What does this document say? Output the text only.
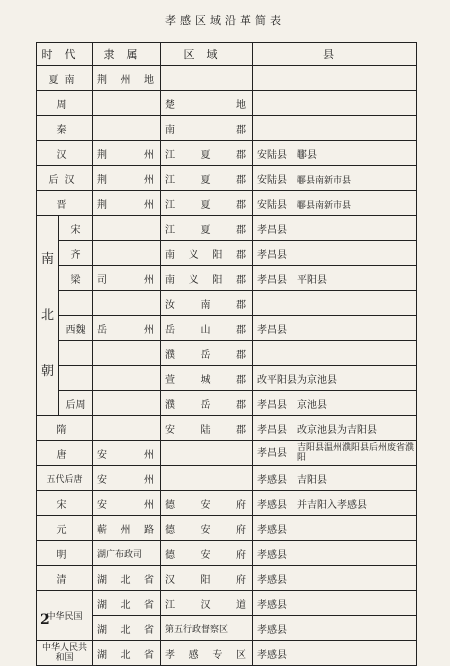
孝感区域沿革简表
时代		隶属	区域	县
夏南		荆州地		
周			楚地	
秦			南郡	
汉		荆州	江夏郡	安陆县 鄳县
后汉		荆州	江夏郡	安陆县 鄳县南新市县
晋		荆州	江夏郡	安陆县 鄳县南新市县
南
北
朝	宋		江夏郡	孝昌县
	齐		南义阳郡	孝昌县
	梁	司州	南义阳郡	孝昌县 平阳县
			汝南郡	
	西魏	岳州	岳山郡	孝昌县
			濮岳郡	
			萱城郡	改平阳县为京池县
	后周		濮岳郡	孝昌县 京池县
隋			安陆郡	孝昌县 改京池县为吉阳县
唐		安州		孝昌县 吉阳县温州濮阳县后州废省濮阳
五代后唐		安州		孝感县 吉阳县
宋		安州	德安府	孝感县 并吉阳入孝感县
元		蕲州路	德安府	孝感县
明		湖广布政司	德安府	孝感县
清		湖北省	汉阳府	孝感县
中华民国		湖北省	江汉道	孝感县
		湖北省	第五行政督察区	孝感县
中华人民共和国		湖北省	孝感专区	孝感县
2
